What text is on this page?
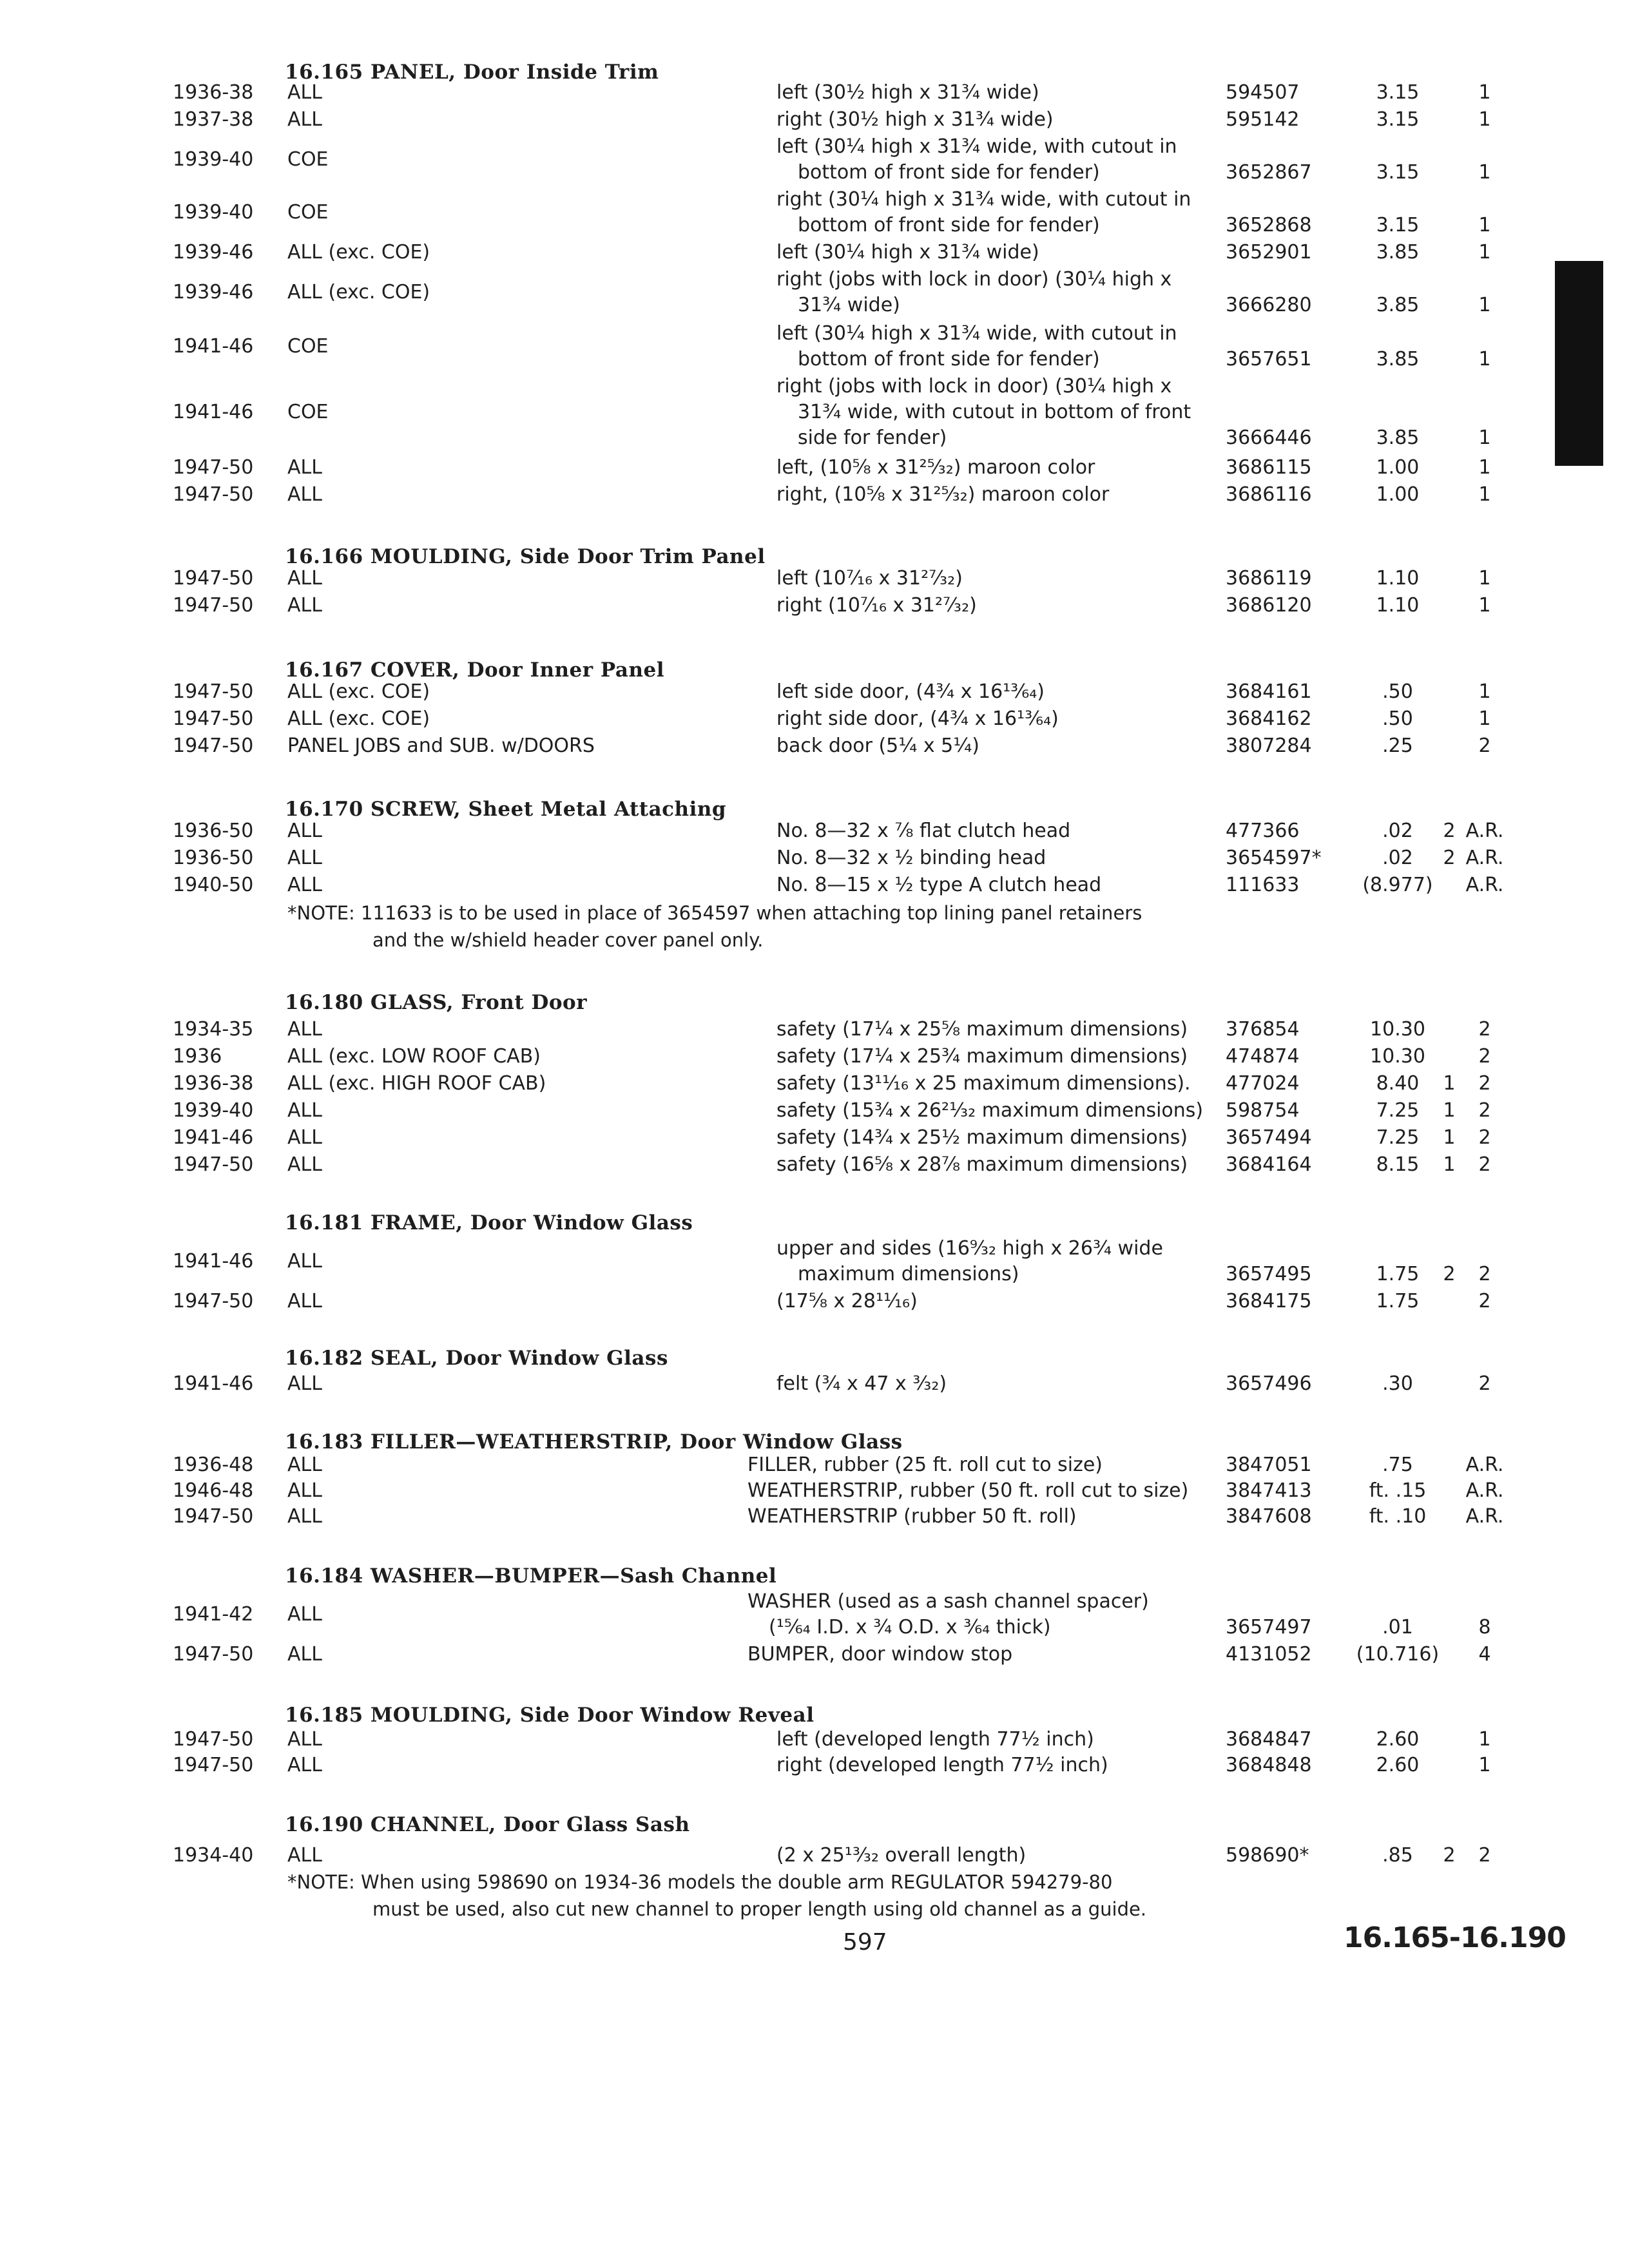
16.165 PANEL, Door Inside Trim
1936-38 ALL	left (30½ high x 31¾ wide)	594507	3.15	1
1937-38 ALL	right (30½ high x 31¾ wide)	595142	3.15	1
1939-40 COE
left (30¼ high x 31¾ wide, with cutout in
bottom of front side for fender)	3652867	3.15	1
1939-40 COE
right (30¼ high x 31¾ wide, with cutout in
bottom of front side for fender)	3652868	3.15	1
1939-46 ALL (exc. COE)	left (30¼ high x 31¾ wide)	3652901	3.85	1
1939-46 ALL (exc. COE)
right (jobs with lock in door) (30¼ high x
31¾ wide)	3666280	3.85	1
1941-46 COE
left (30¼ high x 31¾ wide, with cutout in
bottom of front side for fender)	3657651	3.85	1
1941-46 COE
right (jobs with lock in door) (30¼ high x
31¾ wide, with cutout in bottom of front
side for fender)	3666446	3.85	1
1947-50 ALL	left, (10⅝ x 31²⁵⁄₃₂) maroon color	3686115	1.00	1
1947-50 ALL	right, (10⅝ x 31²⁵⁄₃₂) maroon color	3686116	1.00	1
16.166 MOULDING, Side Door Trim Panel
1947-50 ALL	left (10⁷⁄₁₆ x 31²⁷⁄₃₂)	3686119	1.10	1
1947-50 ALL	right (10⁷⁄₁₆ x 31²⁷⁄₃₂)	3686120	1.10	1
16.167 COVER, Door Inner Panel
1947-50 ALL (exc. COE)	left side door, (4¾ x 16¹³⁄₆₄)	3684161	.50	1
1947-50 ALL (exc. COE)	right side door, (4¾ x 16¹³⁄₆₄)	3684162	.50	1
1947-50 PANEL JOBS and SUB. w/DOORS	back door (5¼ x 5¼)	3807284	.25	2
16.170 SCREW, Sheet Metal Attaching
1936-50 ALL	No. 8—32 x ⅞ flat clutch head	477366	.02	2 A.R.
1936-50 ALL	No. 8—32 x ½ binding head	3654597*	.02	2 A.R.
1940-50 ALL	No. 8—15 x ½ type A clutch head	111633	(8.977)	A.R.
*NOTE: 111633 is to be used in place of 3654597 when attaching top lining panel retainers
and the w/shield header cover panel only.
16.180 GLASS, Front Door
1934-35 ALL	safety (17¼ x 25⅝ maximum dimensions) 376854	10.30	2
1936	ALL (exc. LOW ROOF CAB)	safety (17¼ x 25¾ maximum dimensions) 474874	10.30	2
1936-38 ALL (exc. HIGH ROOF CAB)	safety (13¹¹⁄₁₆ x 25 maximum dimensions). 477024	8.40	1	2
1939-40 ALL	safety (15¾ x 26²¹⁄₃₂ maximum dimensions) 598754	7.25	1	2
1941-46 ALL	safety (14¾ x 25½ maximum dimensions) 3657494	7.25	1	2
1947-50 ALL	safety (16⅝ x 28⅞ maximum dimensions) 3684164	8.15	1	2
16.181 FRAME, Door Window Glass
1941-46 ALL
upper and sides (16⁹⁄₃₂ high x 26¾ wide
maximum dimensions)	3657495	1.75	2	2
1947-50 ALL	(17⅝ x 28¹¹⁄₁₆)	3684175	1.75	2
16.182 SEAL, Door Window Glass
1941-46 ALL	felt (¾ x 47 x ³⁄₃₂)	3657496	.30	2
16.183 FILLER—WEATHERSTRIP, Door Window Glass
1936-48 ALL	FILLER, rubber (25 ft. roll cut to size)	3847051	.75	A.R.
1946-48 ALL	WEATHERSTRIP, rubber (50 ft. roll cut to size) 3847413	ft. .15	A.R.
1947-50 ALL	WEATHERSTRIP (rubber 50 ft. roll)	3847608	ft. .10	A.R.
16.184 WASHER—BUMPER—Sash Channel
1941-42 ALL
WASHER (used as a sash channel spacer)
(¹⁵⁄₆₄ I.D. x ¾ O.D. x ³⁄₆₄ thick)	3657497	.01	8
1947-50 ALL	BUMPER, door window stop	4131052 (10.716)	4
16.185 MOULDING, Side Door Window Reveal
1947-50 ALL	left (developed length 77½ inch)	3684847	2.60	1
1947-50 ALL	right (developed length 77½ inch)	3684848	2.60	1
16.190 CHANNEL, Door Glass Sash
1934-40 ALL	(2 x 25¹³⁄₃₂ overall length)	598690*	.85	2	2
*NOTE: When using 598690 on 1934-36 models the double arm REGULATOR 594279-80
must be used, also cut new channel to proper length using old channel as a guide.
597	16.165-16.190
